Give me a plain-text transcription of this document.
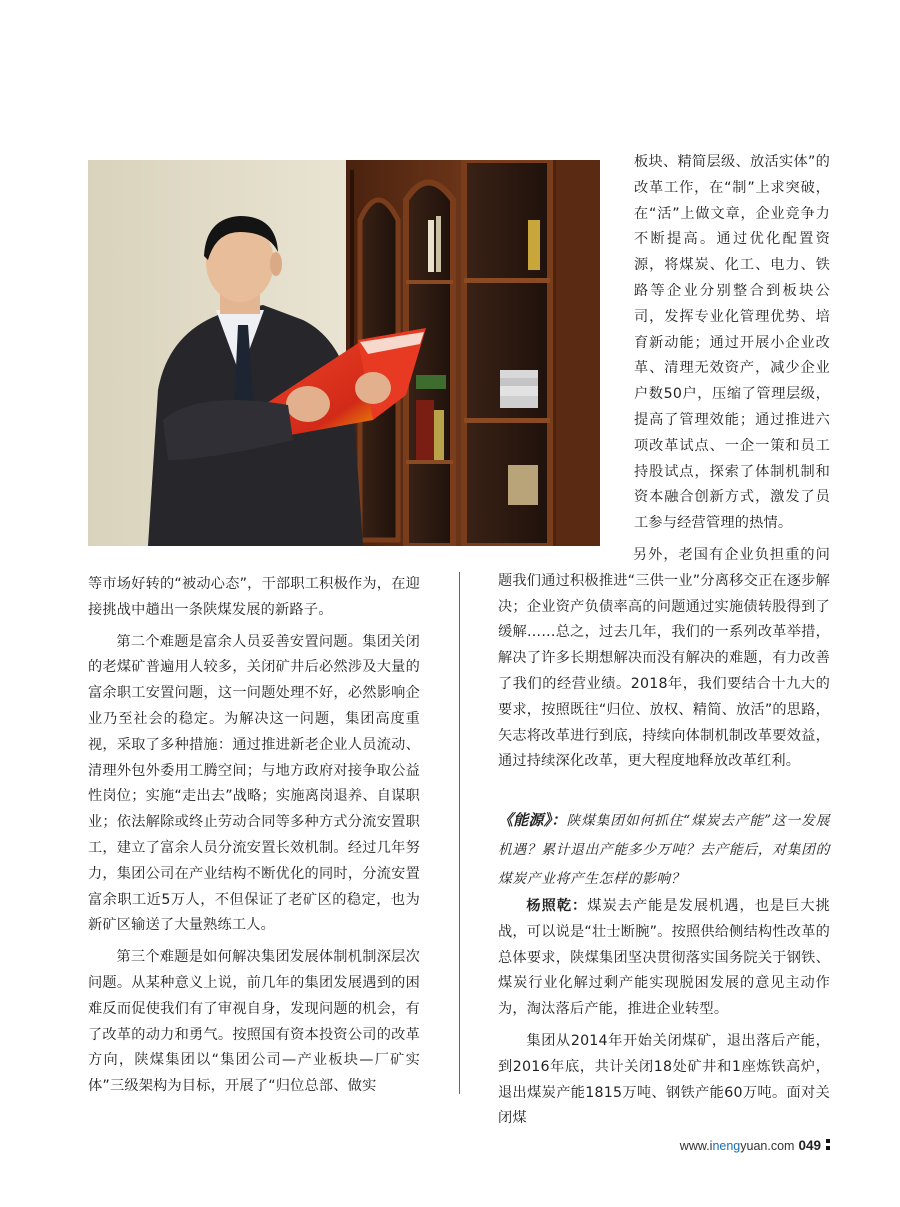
板块、精简层级、放活实体”的改革工作，在“制”上求突破，在“活”上做文章，企业竞争力不断提高。通过优化配置资源，将煤炭、化工、电力、铁路等企业分别整合到板块公司，发挥专业化管理优势、培育新动能；通过开展小企业改革、清理无效资产，减少企业户数50户，压缩了管理层级，提高了管理效能；通过推进六项改革试点、一企一策和员工持股试点，探索了体制机制和资本融合创新方式，激发了员工参与经营管理的热情。

另外，老国有企业负担重的问题我们通过积极推进“三供一业”分离移交正在逐步解决；企业资产负债率高的问题通过实施债转股得到了缓解……总之，过去几年，我们的一系列改革举措，解决了许多长期想解决而没有解决的难题，有力改善了我们的经营业绩。2018年，我们要结合十九大的要求，按照既往“归位、放权、精简、放活”的思路，矢志将改革进行到底，持续向体制机制改革要效益，通过持续深化改革，更大程度地释放改革红利。

等市场好转的“被动心态”，干部职工积极作为，在迎接挑战中趟出一条陕煤发展的新路子。

第二个难题是富余人员妥善安置问题。集团关闭的老煤矿普遍用人较多，关闭矿井后必然涉及大量的富余职工安置问题，这一问题处理不好，必然影响企业乃至社会的稳定。为解决这一问题，集团高度重视，采取了多种措施：通过推进新老企业人员流动、清理外包外委用工腾空间；与地方政府对接争取公益性岗位；实施“走出去”战略；实施离岗退养、自谋职业；依法解除或终止劳动合同等多种方式分流安置职工，建立了富余人员分流安置长效机制。经过几年努力，集团公司在产业结构不断优化的同时，分流安置富余职工近5万人，不但保证了老矿区的稳定，也为新矿区输送了大量熟练工人。

第三个难题是如何解决集团发展体制机制深层次问题。从某种意义上说，前几年的集团发展遇到的困难反而促使我们有了审视自身，发现问题的机会，有了改革的动力和勇气。按照国有资本投资公司的改革方向，陕煤集团以“集团公司—产业板块—厂矿实体”三级架构为目标，开展了“归位总部、做实

《能源》：陕煤集团如何抓住“煤炭去产能”这一发展机遇？累计退出产能多少万吨？去产能后，对集团的煤炭产业将产生怎样的影响？

杨照乾：煤炭去产能是发展机遇，也是巨大挑战，可以说是“壮士断腕”。按照供给侧结构性改革的总体要求，陕煤集团坚决贯彻落实国务院关于钢铁、煤炭行业化解过剩产能实现脱困发展的意见主动作为，淘汰落后产能，推进企业转型。

集团从2014年开始关闭煤矿，退出落后产能，到2016年底，共计关闭18处矿井和1座炼铁高炉，退出煤炭产能1815万吨、钢铁产能60万吨。面对关闭煤

www.inengyuan.com 049
